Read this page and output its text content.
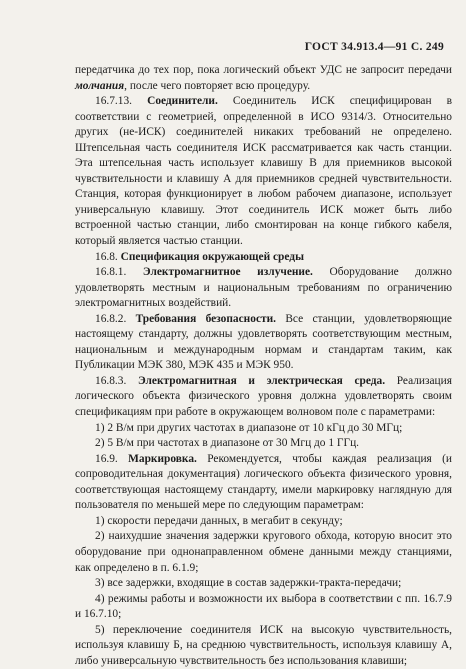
ГОСТ 34.913.4—91 С. 249

передатчика до тех пор, пока логический объект УДС не запросит передачи молчания, после чего повторяет всю процедуру.

16.7.13. Соединители. Соединитель ИСК специфицирован в соответствии с геометрией, определенной в ИСО 9314/3. Относительно других (не-ИСК) соединителей никаких требований не определено. Штепсельная часть соединителя ИСК рассматривается как часть станции. Эта штепсельная часть использует клавишу В для приемников высокой чувствительности и клавишу А для приемников средней чувствительности. Станция, которая функционирует в любом рабочем диапазоне, использует универсальную клавишу. Этот соединитель ИСК может быть либо встроенной частью станции, либо смонтирован на конце гибкого кабеля, который является частью станции.

16.8. Спецификация окружающей среды

16.8.1. Электромагнитное излучение. Оборудование должно удовлетворять местным и национальным требованиям по ограничению электромагнитных воздействий.

16.8.2. Требования безопасности. Все станции, удовлетворяющие настоящему стандарту, должны удовлетворять соответствующим местным, национальным и международным нормам и стандартам таким, как Публикации МЭК 380, МЭК 435 и МЭК 950.

16.8.3. Электромагнитная и электрическая среда. Реализация логического объекта физического уровня должна удовлетворять своим спецификациям при работе в окружающем волновом поле с параметрами:

1) 2 В/м при других частотах в диапазоне от 10 кГц до 30 МГц;

2) 5 В/м при частотах в диапазоне от 30 Мгц до 1 ГГц.

16.9. Маркировка. Рекомендуется, чтобы каждая реализация (и сопроводительная документация) логического объекта физического уровня, соответствующая настоящему стандарту, имели маркировку наглядную для пользователя по меньшей мере по следующим параметрам:

1) скорости передачи данных, в мегабит в секунду;

2) наихудшие значения задержки кругового обхода, которую вносит это оборудование при однонаправленном обмене данными между станциями, как определено в п. 6.1.9;

3) все задержки, входящие в состав задержки-тракта-передачи;

4) режимы работы и возможности их выбора в соответствии с пп. 16.7.9 и 16.7.10;

5) переключение соединителя ИСК на высокую чувствительность, используя клавишу Б, на среднюю чувствительность, используя клавишу А, либо универсальную чувствительность без использования клавиши;
